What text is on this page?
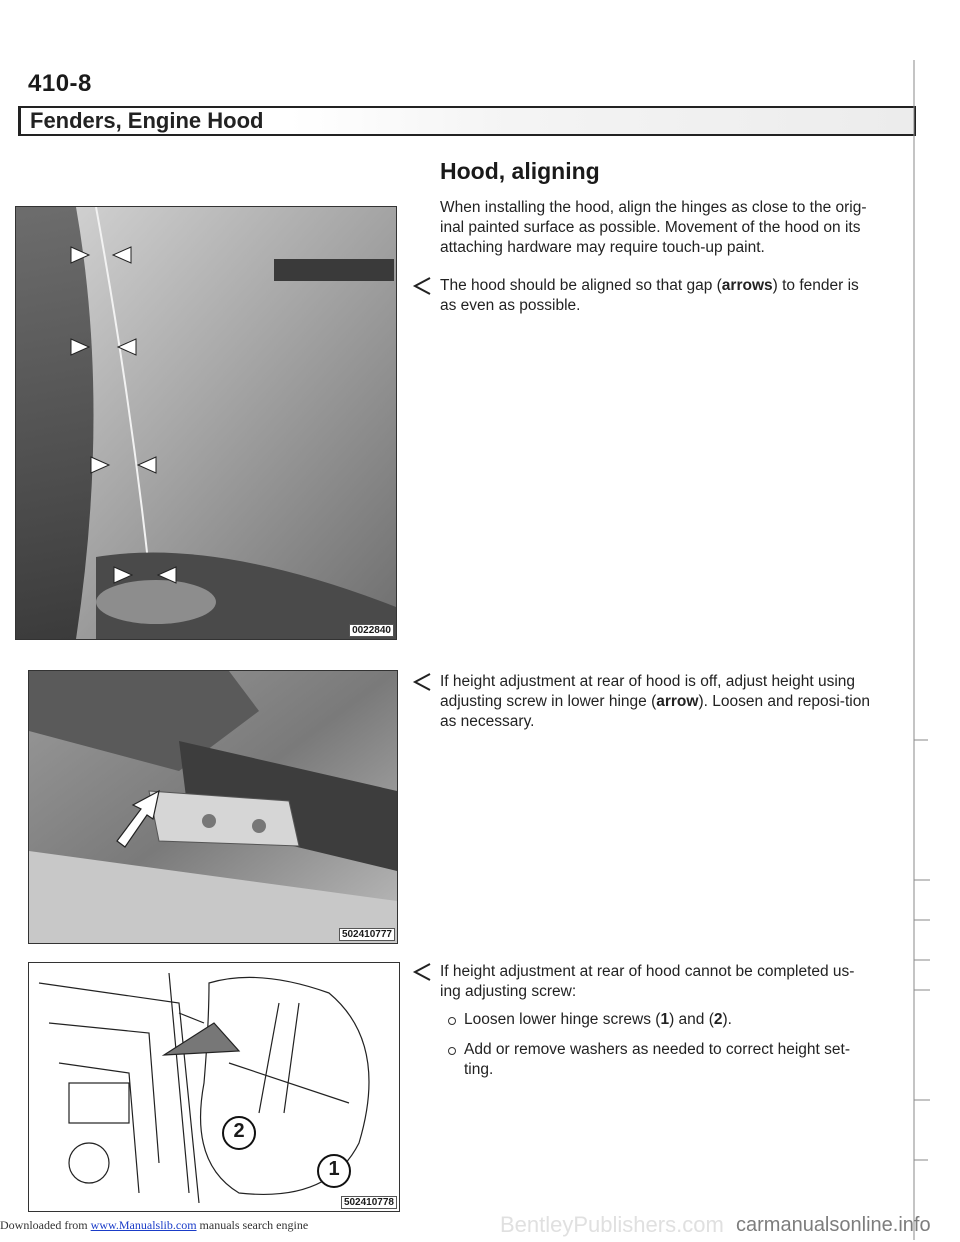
410-8
Fenders, Engine Hood
Hood, aligning
When installing the hood, align the hinges as close to the orig-inal painted surface as possible. Movement of the hood on its attaching hardware may require touch-up paint.
The hood should be aligned so that gap (arrows) to fender is as even as possible.
If height adjustment at rear of hood is off, adjust height using adjusting screw in lower hinge (arrow). Loosen and reposi-tion as necessary.
If height adjustment at rear of hood cannot be completed us-ing adjusting screw:
Loosen lower hinge screws (1) and (2).
Add or remove washers as needed to correct height set-ting.
0022840
502410777
2
1
502410778
Downloaded from www.Manualslib.com manuals search engine	BentleyPublishers.com carmanualsonline.info
